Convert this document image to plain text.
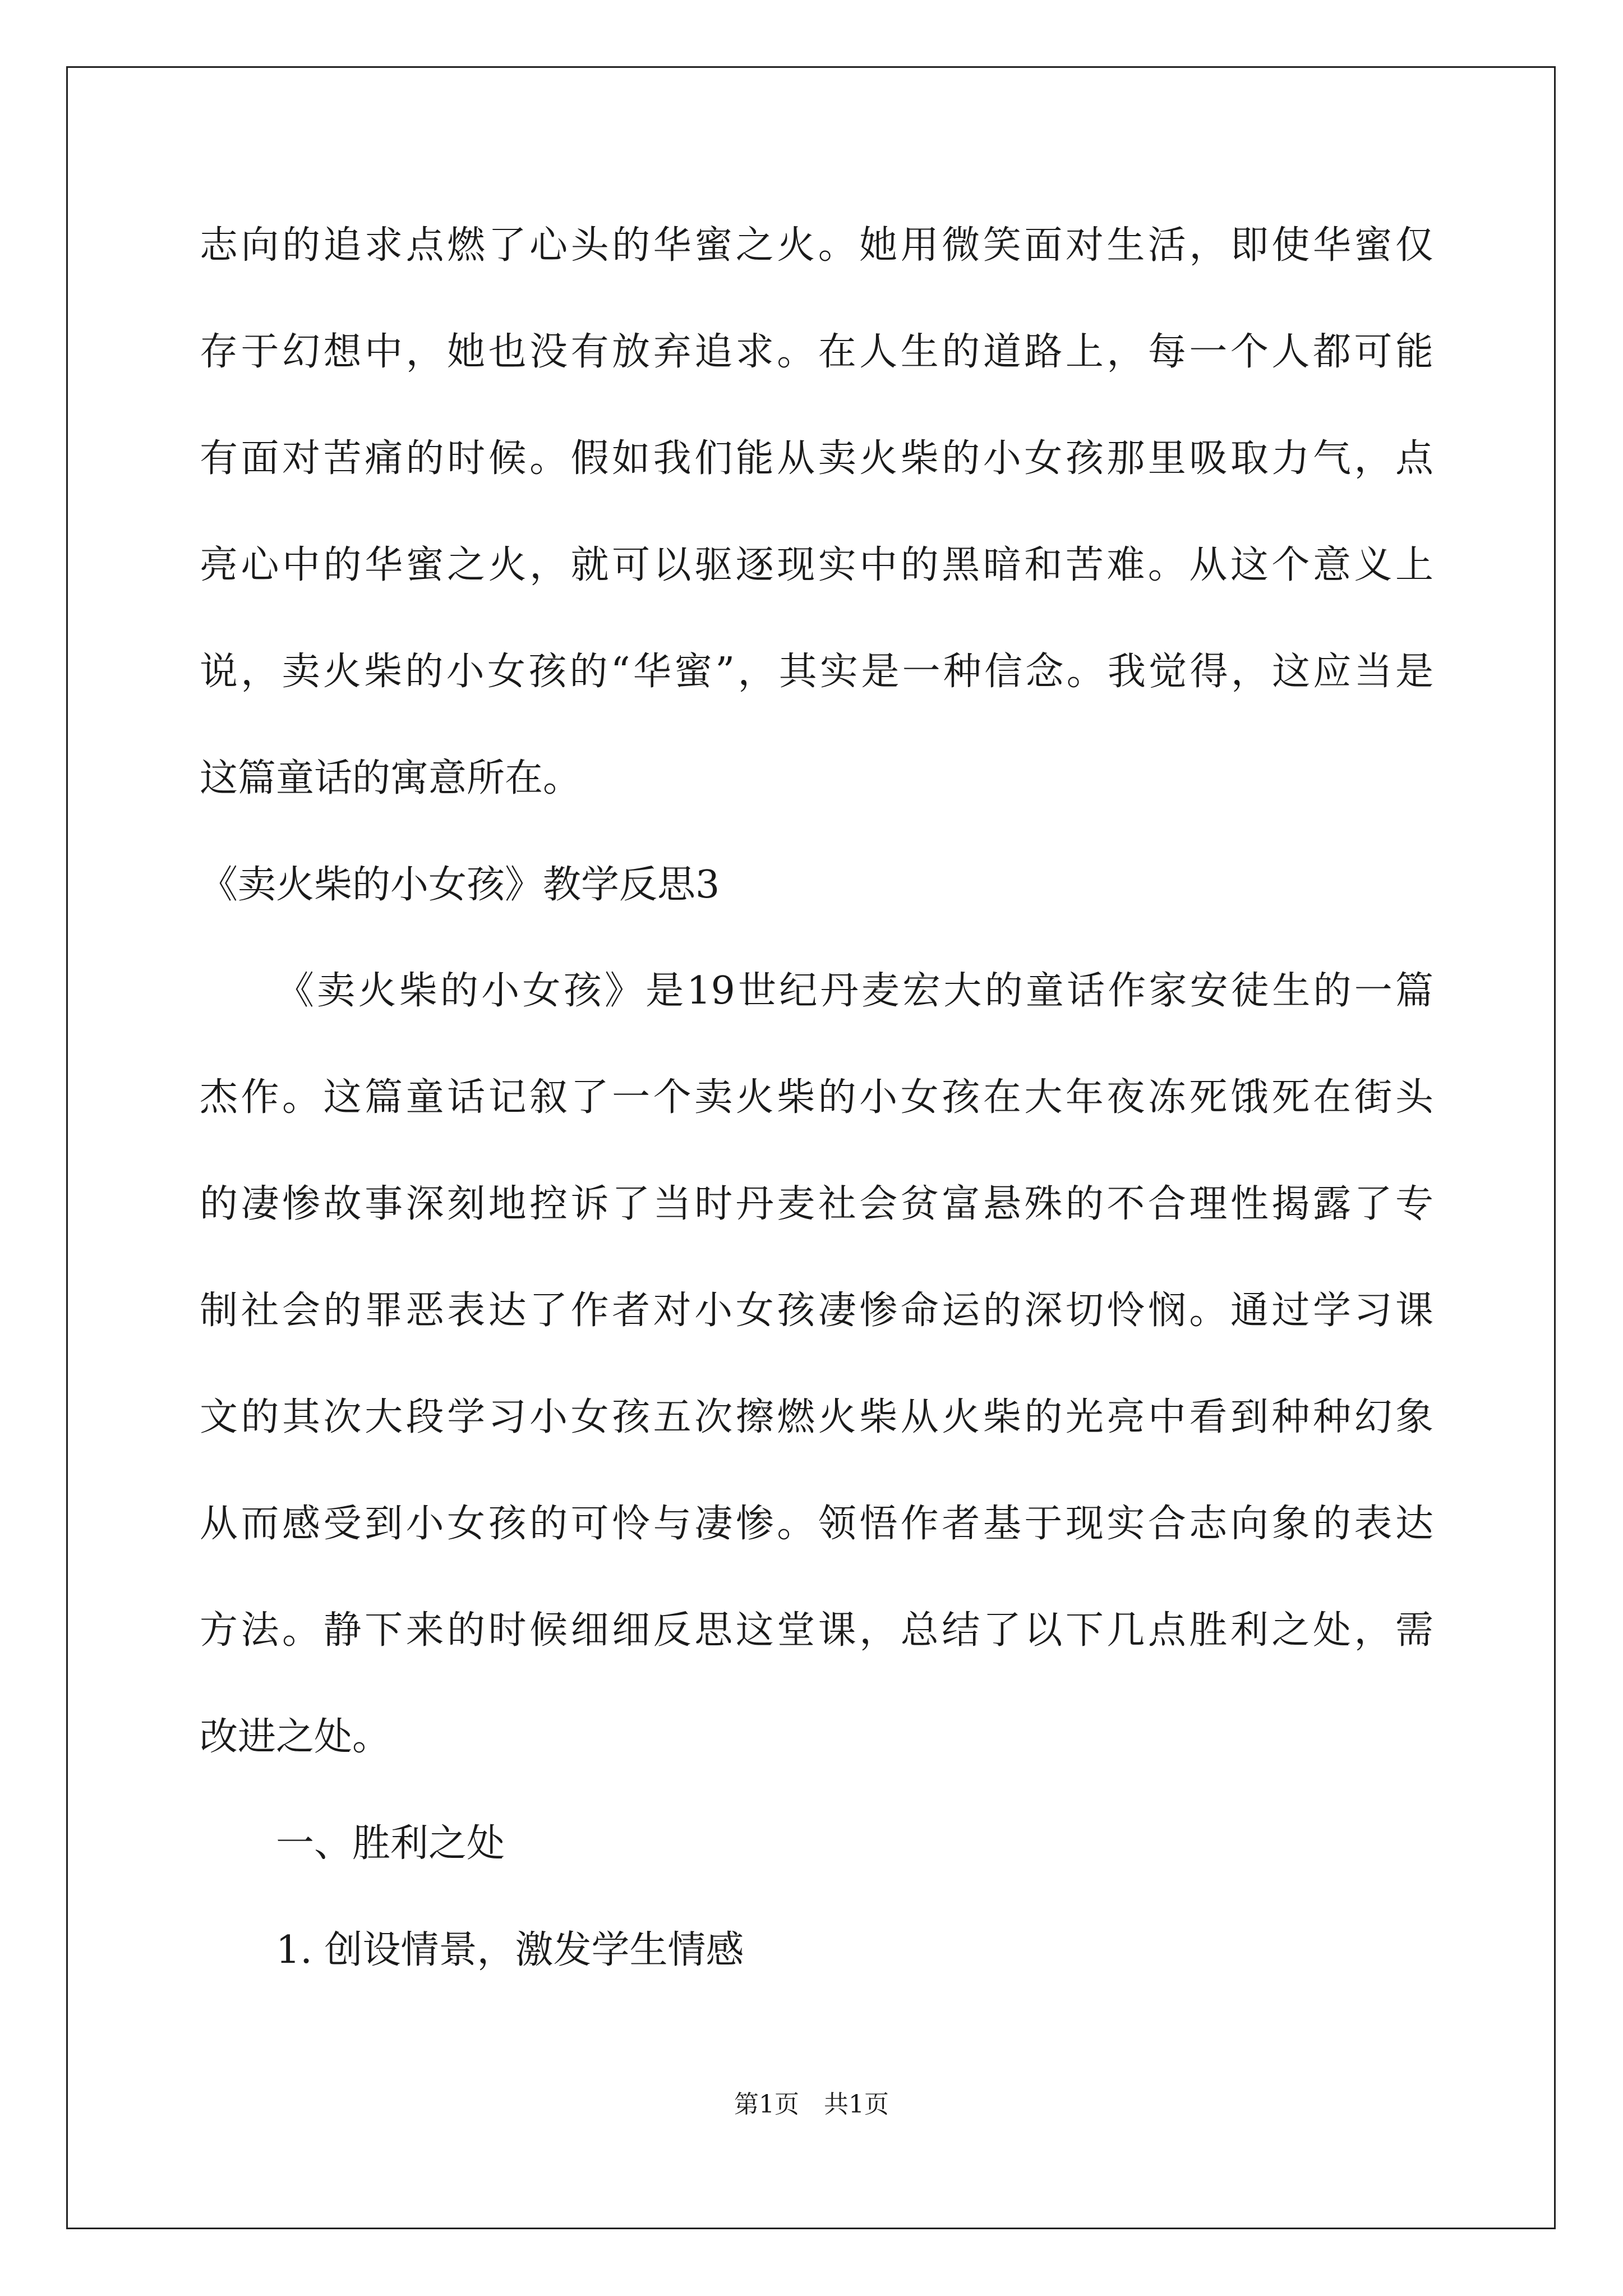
志向的追求点燃了心头的华蜜之火。她用微笑面对生活，即使华蜜仅
存于幻想中，她也没有放弃追求。在人生的道路上，每一个人都可能
有面对苦痛的时候。假如我们能从卖火柴的小女孩那里吸取力气，点
亮心中的华蜜之火，就可以驱逐现实中的黑暗和苦难。从这个意义上
说，卖火柴的小女孩的“华蜜”，其实是一种信念。我觉得，这应当是
这篇童话的寓意所在。
《卖火柴的小女孩》教学反思3
《卖火柴的小女孩》是19世纪丹麦宏大的童话作家安徒生的一篇
杰作。这篇童话记叙了一个卖火柴的小女孩在大年夜冻死饿死在街头
的凄惨故事深刻地控诉了当时丹麦社会贫富悬殊的不合理性揭露了专
制社会的罪恶表达了作者对小女孩凄惨命运的深切怜悯。通过学习课
文的其次大段学习小女孩五次擦燃火柴从火柴的光亮中看到种种幻象
从而感受到小女孩的可怜与凄惨。领悟作者基于现实合志向象的表达
方法。静下来的时候细细反思这堂课，总结了以下几点胜利之处，需
改进之处。
一、胜利之处
1. 创设情景，激发学生情感
第1页　共1页
